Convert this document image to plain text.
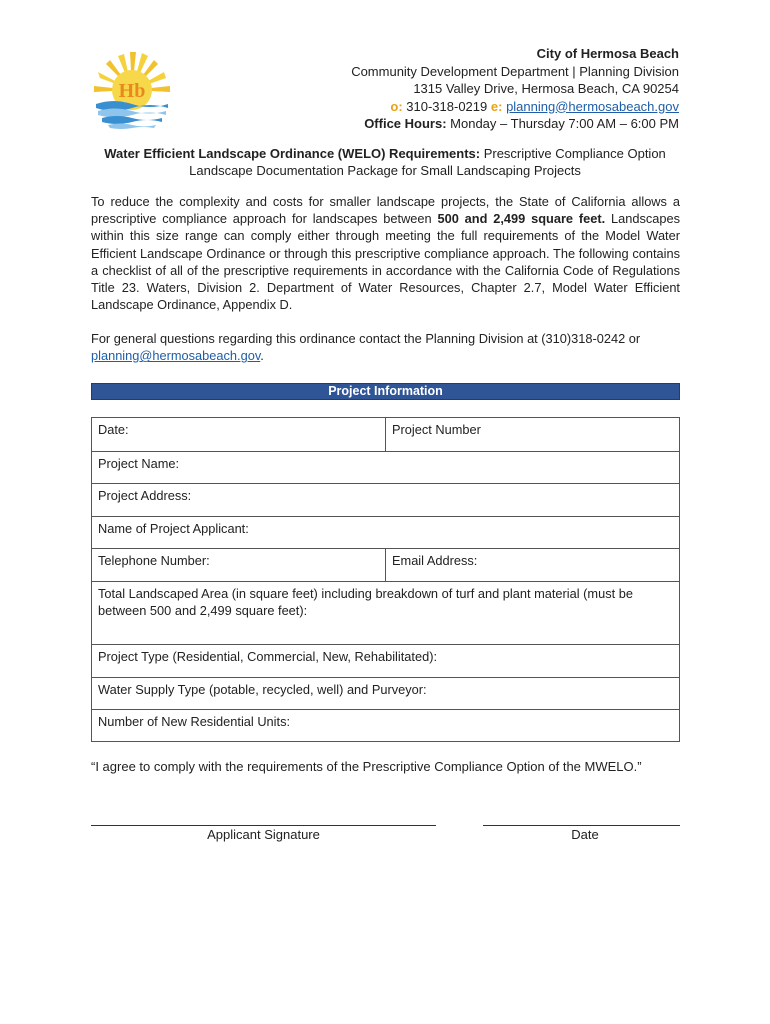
Hb
City of Hermosa Beach
Community Development Department | Planning Division
1315 Valley Drive, Hermosa Beach, CA 90254
o: 310-318-0219 e: planning@hermosabeach.gov
Office Hours: Monday – Thursday 7:00 AM – 6:00 PM
Water Efficient Landscape Ordinance (WELO) Requirements: Prescriptive Compliance Option
Landscape Documentation Package for Small Landscaping Projects

To reduce the complexity and costs for smaller landscape projects, the State of California allows a prescriptive compliance approach for landscapes between 500 and 2,499 square feet. Landscapes within this size range can comply either through meeting the full requirements of the Model Water Efficient Landscape Ordinance or through this prescriptive compliance approach. The following contains a checklist of all of the prescriptive requirements in accordance with the California Code of Regulations Title 23. Waters, Division 2. Department of Water Resources, Chapter 2.7, Model Water Efficient Landscape Ordinance, Appendix D.

For general questions regarding this ordinance contact the Planning Division at (310)318-0242 or planning@hermosabeach.gov.

Project Information
Date:	Project Number
Project Name:
Project Address:
Name of Project Applicant:
Telephone Number:	Email Address:
Total Landscaped Area (in square feet) including breakdown of turf and plant material (must be between 500 and 2,499 square feet):
Project Type (Residential, Commercial, New, Rehabilitated):
Water Supply Type (potable, recycled, well) and Purveyor:
Number of New Residential Units:
“I agree to comply with the requirements of the Prescriptive Compliance Option of the MWELO.”
Applicant Signature	Date
